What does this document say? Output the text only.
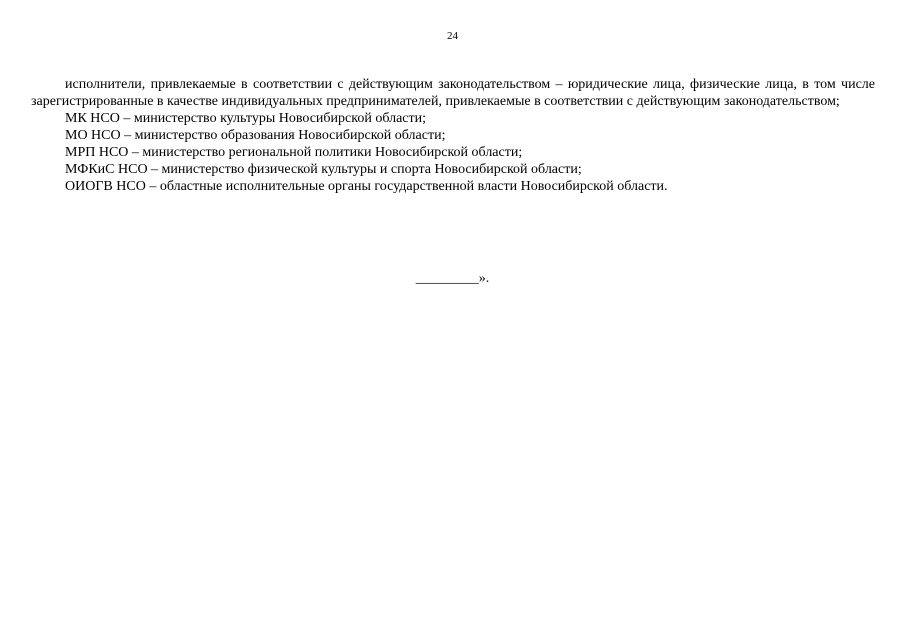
24

исполнители, привлекаемые в соответствии с действующим законодательством – юридические лица, физические лица, в том числе зарегистрированные в качестве индивидуальных предпринимателей, привлекаемые в соответствии с действующим законодательством;

МК НСО – министерство культуры Новосибирской области;

МО НСО – министерство образования Новосибирской области;

МРП НСО – министерство региональной политики Новосибирской области;

МФКиС НСО – министерство физической культуры и спорта Новосибирской области;

ОИОГВ НСО – областные исполнительные органы государственной власти Новосибирской области.

_________».
